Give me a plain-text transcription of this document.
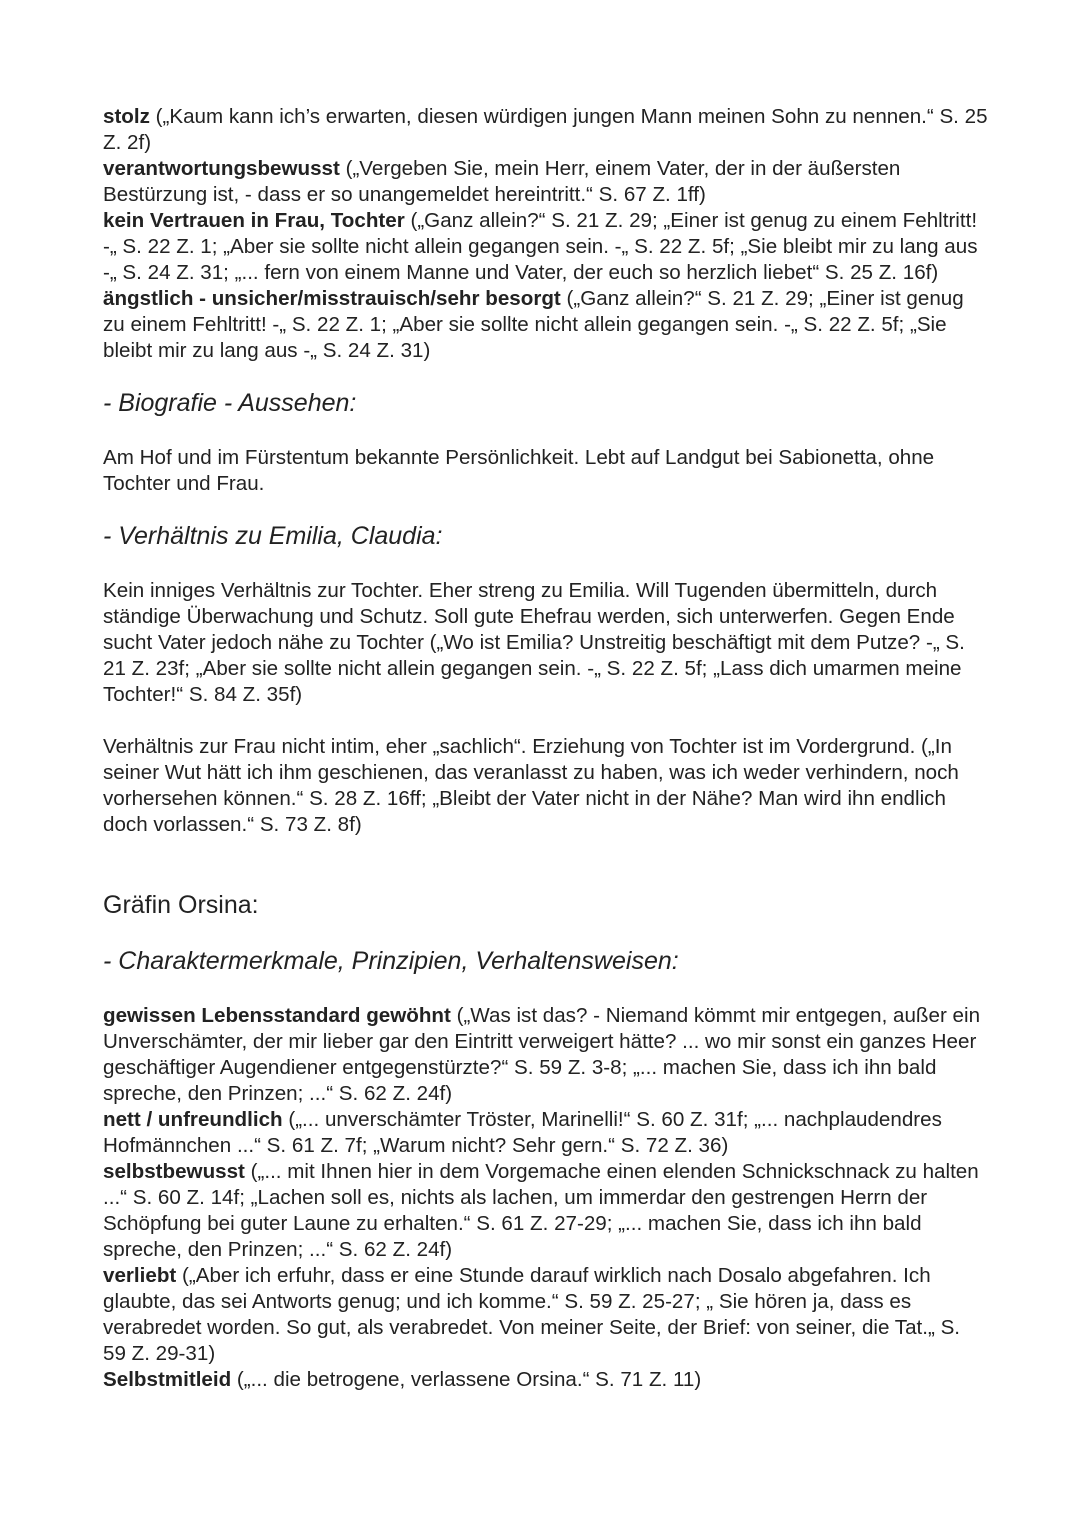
stolz („Kaum kann ich’s erwarten, diesen würdigen jungen Mann meinen Sohn zu nennen.“ S. 25 Z. 2f)

verantwortungsbewusst („Vergeben Sie, mein Herr, einem Vater, der in der äußersten Bestürzung ist, - dass er so unangemeldet hereintritt.“ S. 67 Z. 1ff)

kein Vertrauen in Frau, Tochter („Ganz allein?“ S. 21 Z. 29; „Einer ist genug zu einem Fehltritt! -„ S. 22 Z. 1; „Aber sie sollte nicht allein gegangen sein. -„ S. 22 Z. 5f; „Sie bleibt mir zu lang aus -„ S. 24 Z. 31; „... fern von einem Manne und Vater, der euch so herzlich liebet“ S. 25 Z. 16f)

ängstlich - unsicher/misstrauisch/sehr besorgt („Ganz allein?“ S. 21 Z. 29; „Einer ist genug zu einem Fehltritt! -„ S. 22 Z. 1; „Aber sie sollte nicht allein gegangen sein. -„ S. 22 Z. 5f; „Sie bleibt mir zu lang aus -„ S. 24 Z. 31)

- Biografie - Aussehen:

Am Hof und im Fürstentum bekannte Persönlichkeit. Lebt auf Landgut bei Sabionetta, ohne Tochter und Frau.

- Verhältnis zu Emilia, Claudia:

Kein inniges Verhältnis zur Tochter. Eher streng zu Emilia. Will Tugenden übermitteln, durch ständige Überwachung und Schutz. Soll gute Ehefrau werden, sich unterwerfen. Gegen Ende sucht Vater jedoch nähe zu Tochter („Wo ist Emilia? Unstreitig beschäftigt mit dem Putze? -„ S. 21 Z. 23f; „Aber sie sollte nicht allein gegangen sein. -„ S. 22 Z. 5f; „Lass dich umarmen meine Tochter!“ S. 84 Z. 35f)

Verhältnis zur Frau nicht intim, eher „sachlich“. Erziehung von Tochter ist im Vordergrund. („In seiner Wut hätt ich ihm geschienen, das veranlasst zu haben, was ich weder verhindern, noch vorhersehen können.“ S. 28 Z. 16ff; „Bleibt der Vater nicht in der Nähe? Man wird ihn endlich doch vorlassen.“ S. 73 Z. 8f)

Gräfin Orsina:

- Charaktermerkmale, Prinzipien, Verhaltensweisen:

gewissen Lebensstandard gewöhnt („Was ist das? - Niemand kömmt mir entgegen, außer ein Unverschämter, der mir lieber gar den Eintritt verweigert hätte? ... wo mir sonst ein ganzes Heer geschäftiger Augendiener entgegenstürzte?“ S. 59 Z. 3-8; „... machen Sie, dass ich ihn bald spreche, den Prinzen; ...“ S. 62 Z. 24f)

nett / unfreundlich („... unverschämter Tröster, Marinelli!“ S. 60 Z. 31f; „... nachplaudendres Hofmännchen ...“ S. 61 Z. 7f; „Warum nicht? Sehr gern.“ S. 72 Z. 36)

selbstbewusst („... mit Ihnen hier in dem Vorgemache einen elenden Schnickschnack zu halten ...“ S. 60 Z. 14f; „Lachen soll es, nichts als lachen, um immerdar den gestrengen Herrn der Schöpfung bei guter Laune zu erhalten.“ S. 61 Z. 27-29; „... machen Sie, dass ich ihn bald spreche, den Prinzen; ...“ S. 62 Z. 24f)

verliebt („Aber ich erfuhr, dass er eine Stunde darauf wirklich nach Dosalo abgefahren. Ich glaubte, das sei Antworts genug; und ich komme.“ S. 59 Z. 25-27; „ Sie hören ja, dass es verabredet worden. So gut, als verabredet. Von meiner Seite, der Brief: von seiner, die Tat.„ S. 59 Z. 29-31)

Selbstmitleid („... die betrogene, verlassene Orsina.“ S. 71 Z. 11)
